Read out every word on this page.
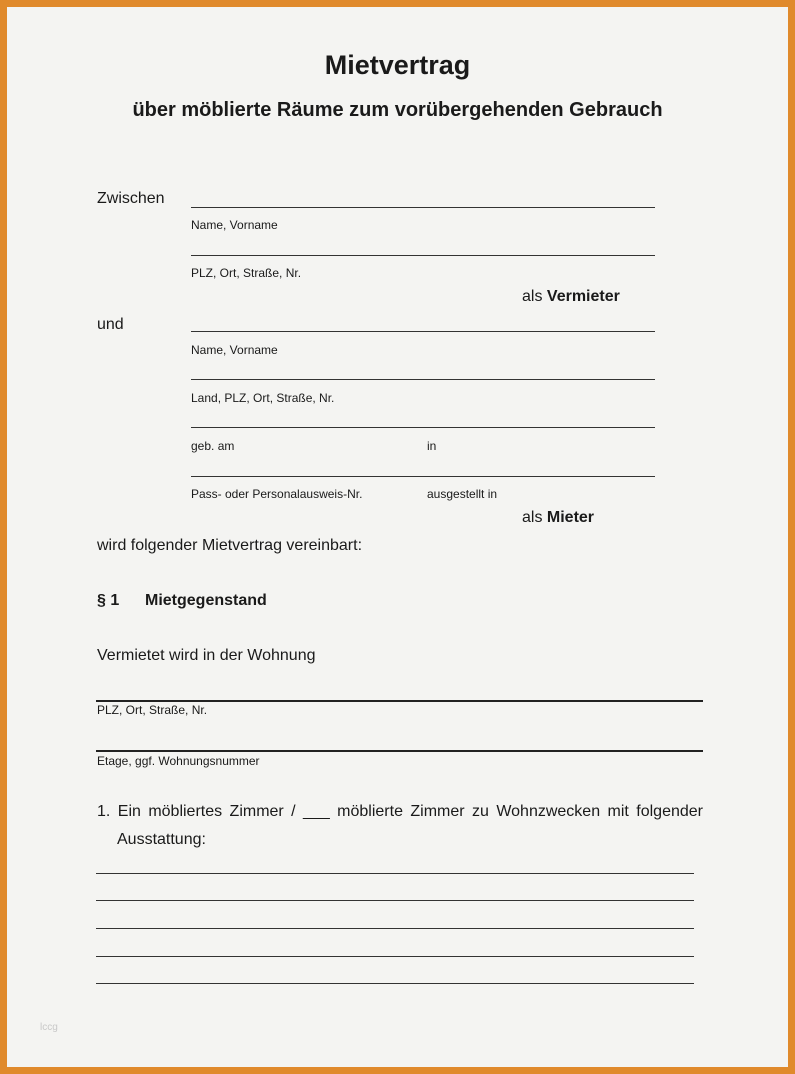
Mietvertrag
über möblierte Räume zum vorübergehenden Gebrauch
Zwischen
Name, Vorname
PLZ, Ort, Straße, Nr.
als Vermieter
und
Name, Vorname
Land, PLZ, Ort, Straße, Nr.
geb. am	in
Pass- oder Personalausweis-Nr.	ausgestellt in
als Mieter
wird folgender Mietvertrag vereinbart:
§ 1 Mietgegenstand
Vermietet wird in der Wohnung
PLZ, Ort, Straße, Nr.
Etage, ggf. Wohnungsnummer
1. Ein möbliertes Zimmer / ___ möblierte Zimmer zu Wohnzwecken mit folgender
Ausstattung:
lccg
